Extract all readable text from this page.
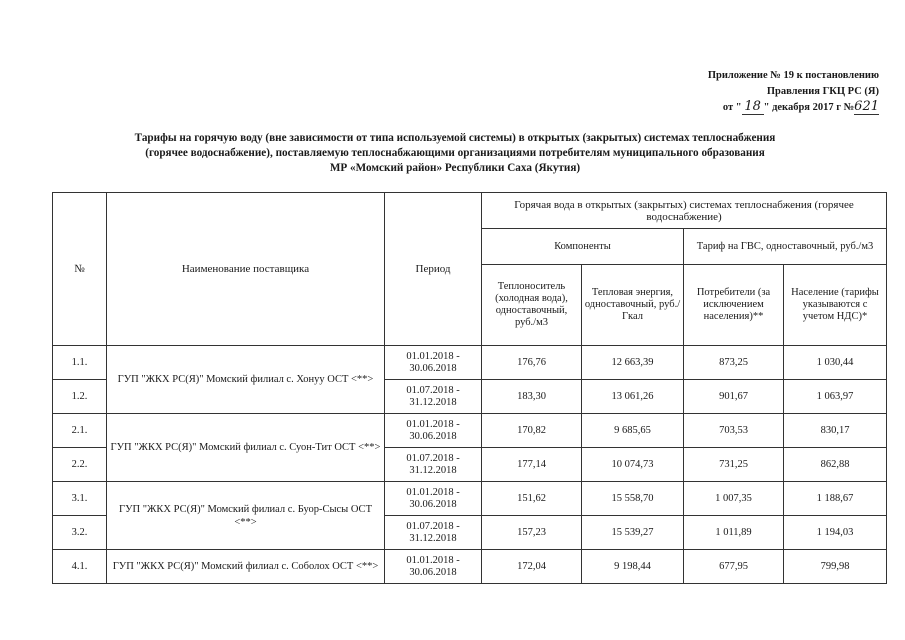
Приложение № 19 к постановлению
Правления ГКЦ РС (Я)
от " 18 " декабря 2017 г №621
Тарифы на горячую воду (вне зависимости от типа используемой системы) в открытых (закрытых) системах теплоснабжения
(горячее водоснабжение), поставляемую теплоснабжающими организациями потребителям муниципального образования
МР «Момский район» Республики Саха (Якутия)
№	Наименование поставщика	Период	Горячая вода в открытых (закрытых) системах теплоснабжения (горячее водоснабжение)			
			Компоненты		Тариф на ГВС, одноставочный, руб./м3	
			Теплоноситель (холодная вода), одноставочный, руб./м3	Тепловая энергия, одноставочный, руб./Гкал	Потребители (за исключением населения)**	Население (тарифы указываются с учетом НДС)*
1.1.	ГУП "ЖКХ РС(Я)" Момский филиал с. Хонуу ОСТ <**>	01.01.2018 - 30.06.2018	176,76	12 663,39	873,25	1 030,44
1.2.		01.07.2018 - 31.12.2018	183,30	13 061,26	901,67	1 063,97
2.1.	ГУП "ЖКХ РС(Я)" Момский филиал с. Суон-Тит ОСТ <**>	01.01.2018 - 30.06.2018	170,82	9 685,65	703,53	830,17
2.2.		01.07.2018 - 31.12.2018	177,14	10 074,73	731,25	862,88
3.1.	ГУП "ЖКХ РС(Я)" Момский филиал с. Буор-Сысы ОСТ <**>	01.01.2018 - 30.06.2018	151,62	15 558,70	1 007,35	1 188,67
3.2.		01.07.2018 - 31.12.2018	157,23	15 539,27	1 011,89	1 194,03
4.1.	ГУП "ЖКХ РС(Я)" Момский филиал с. Соболох ОСТ <**>	01.01.2018 - 30.06.2018	172,04	9 198,44	677,95	799,98
